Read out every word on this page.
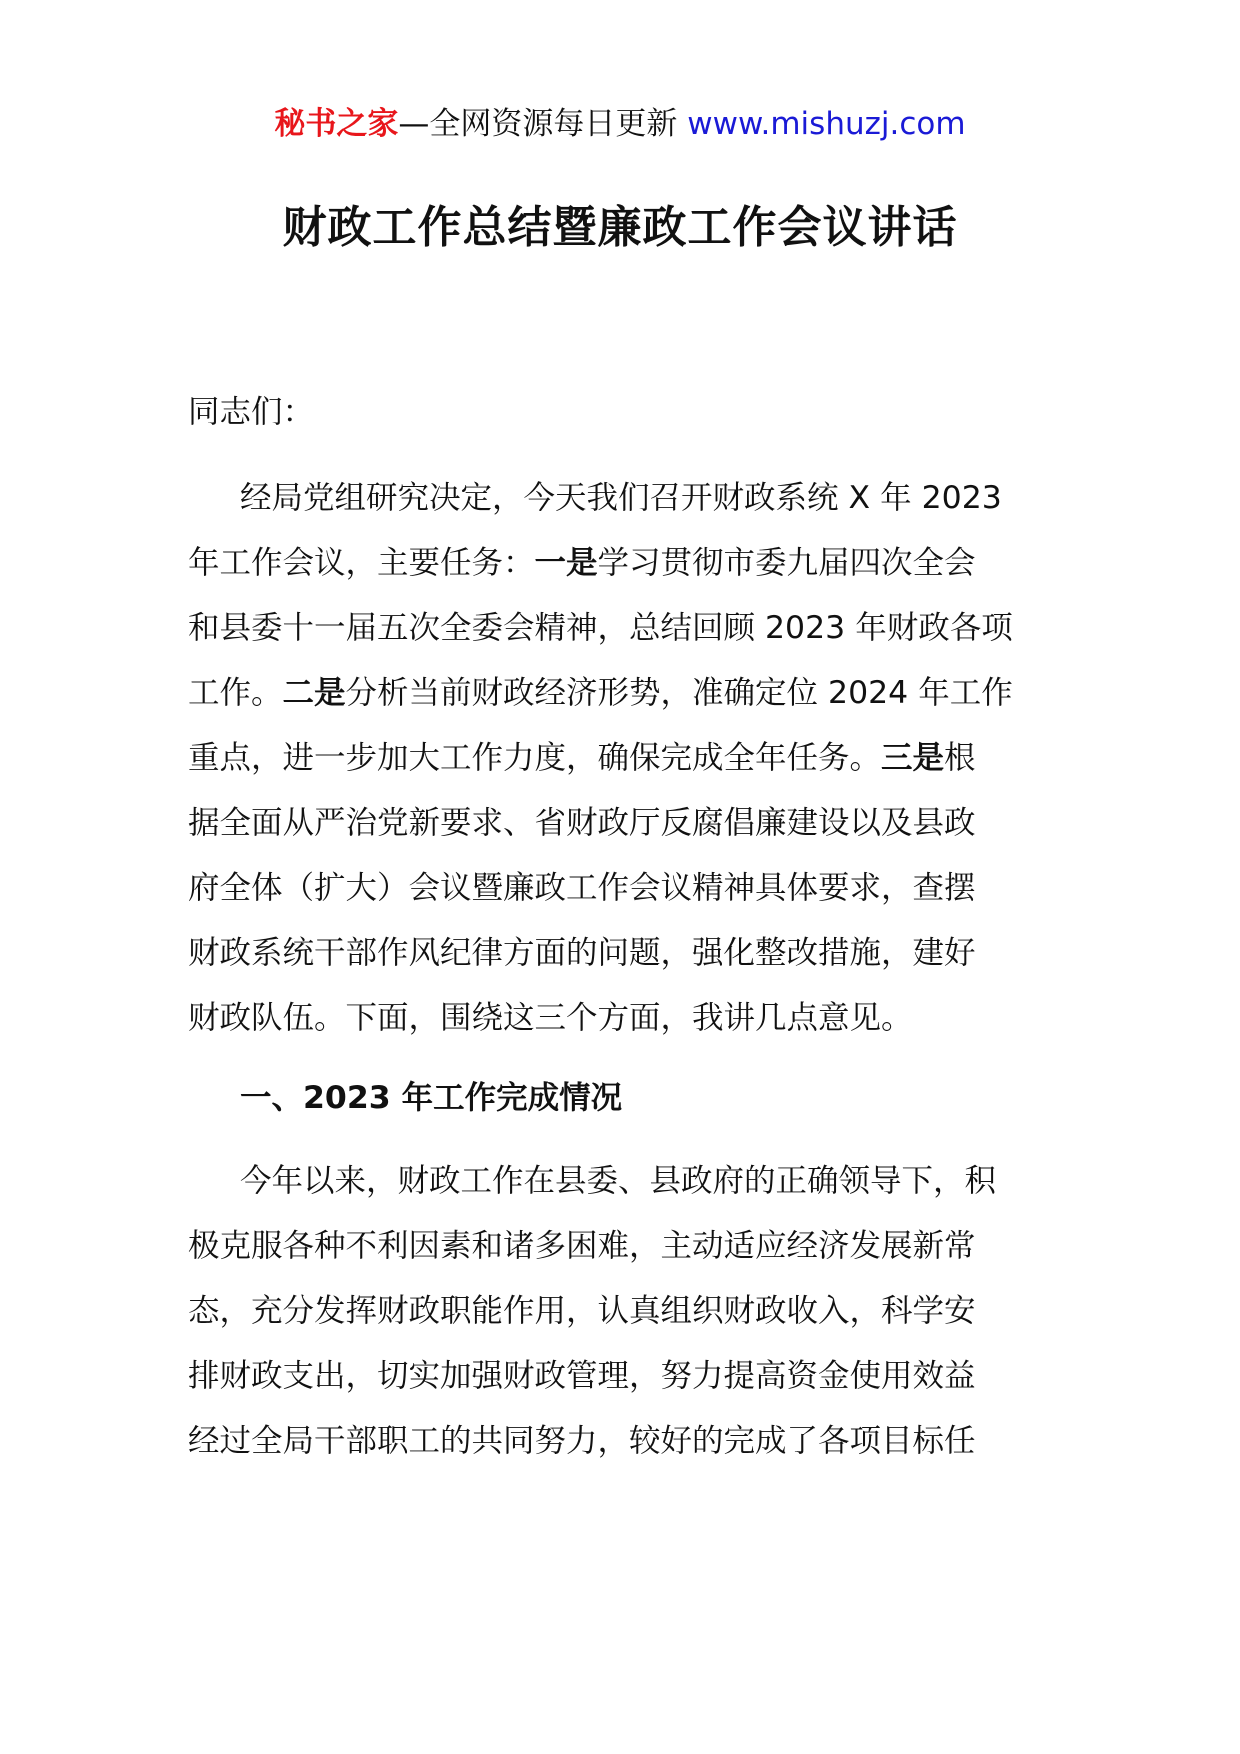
秘书之家—全网资源每日更新 www.mishuzj.com
财政工作总结暨廉政工作会议讲话
同志们：
经局党组研究决定，今天我们召开财政系统 X 年 2023
年工作会议，主要任务：一是学习贯彻市委九届四次全会
和县委十一届五次全委会精神，总结回顾 2023 年财政各项
工作。二是分析当前财政经济形势，准确定位 2024 年工作
重点，进一步加大工作力度，确保完成全年任务。三是根
据全面从严治党新要求、省财政厅反腐倡廉建设以及县政
府全体（扩大）会议暨廉政工作会议精神具体要求，查摆
财政系统干部作风纪律方面的问题，强化整改措施，建好
财政队伍。下面，围绕这三个方面，我讲几点意见。
一、2023 年工作完成情况
今年以来，财政工作在县委、县政府的正确领导下，积
极克服各种不利因素和诸多困难，主动适应经济发展新常
态，充分发挥财政职能作用，认真组织财政收入，科学安
排财政支出，切实加强财政管理，努力提高资金使用效益
经过全局干部职工的共同努力，较好的完成了各项目标任
